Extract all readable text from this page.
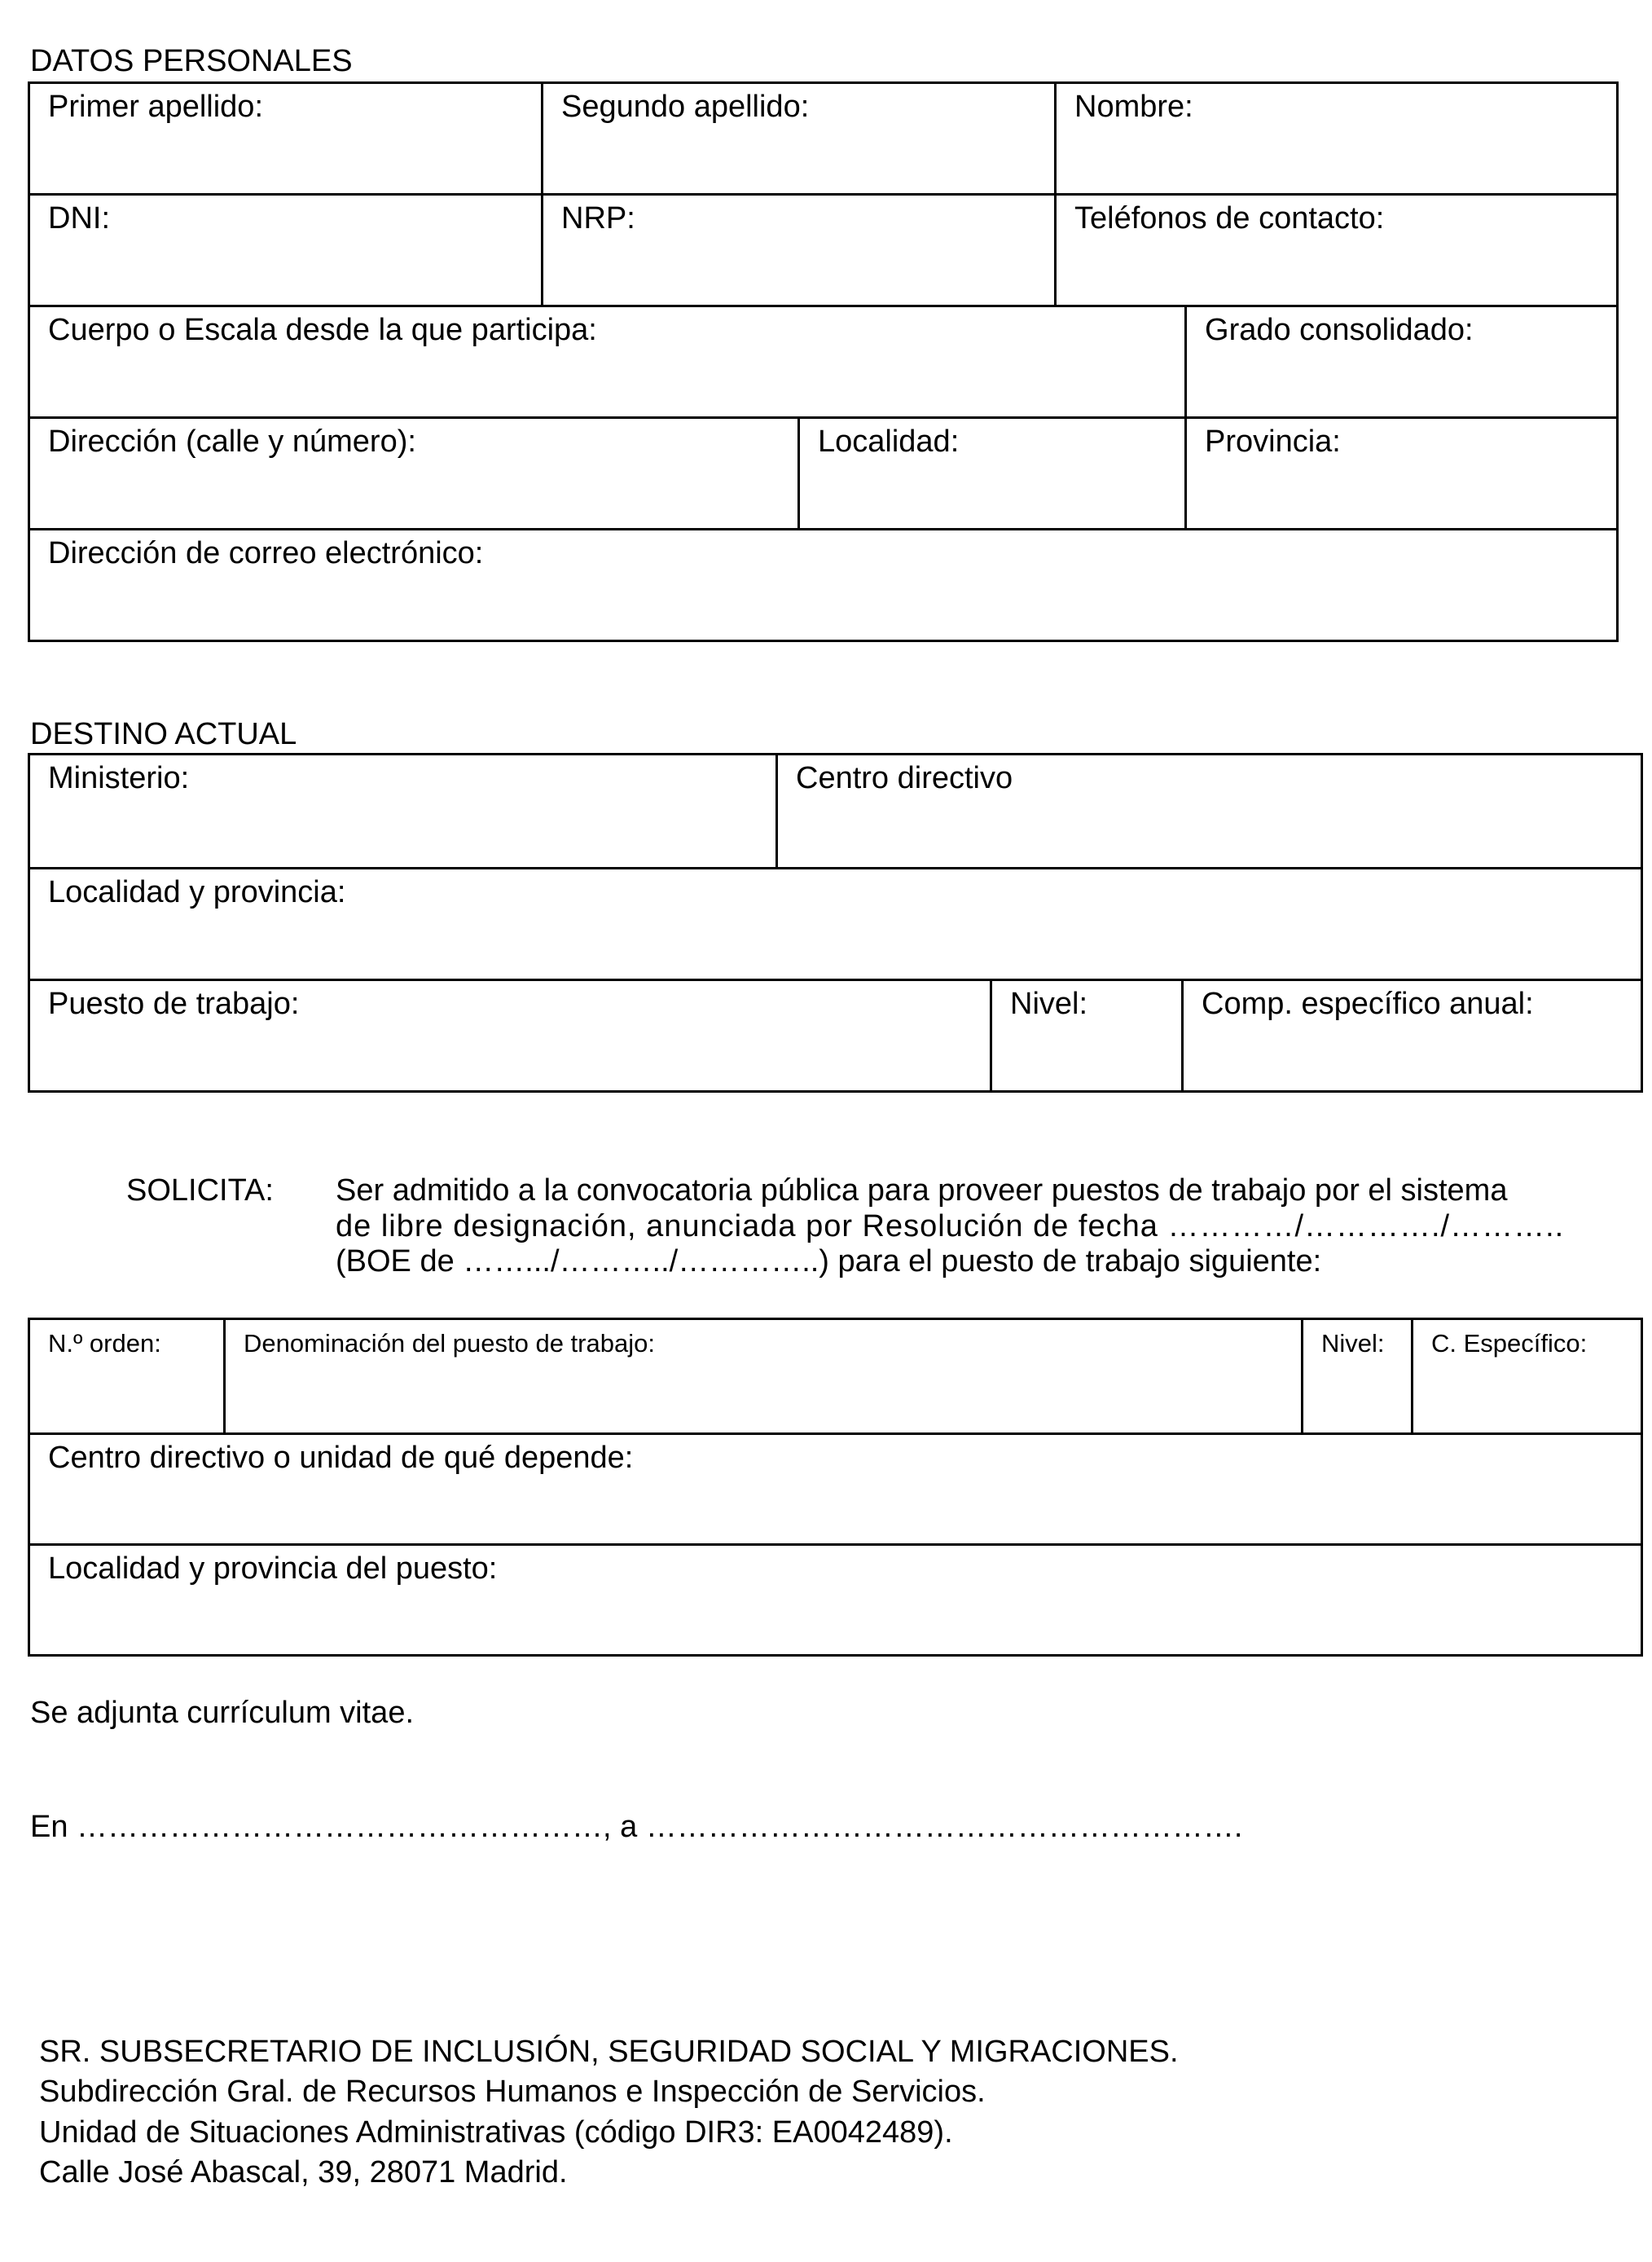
DATOS PERSONALES
Primer apellido:	Segundo apellido:		Nombre:	
DNI:	NRP:		Teléfonos de contacto:	
Cuerpo o Escala desde la que participa:				Grado consolidado:
Dirección (calle y número):		Localidad:		Provincia:
Dirección de correo electrónico:				
DESTINO ACTUAL
Ministerio:	Centro directivo		
Localidad y provincia:			
Puesto de trabajo:		Nivel:	Comp. específico anual:
SOLICITA: Ser admitido a la convocatoria pública para proveer puestos de trabajo por el sistema
de libre designación, anunciada por Resolución de fecha …………/…………./………..
(BOE de …….../………../…………..) para el puesto de trabajo siguiente:
N.º orden:	Denominación del puesto de trabajo:	Nivel:	C. Específico:
Centro directivo o unidad de qué depende:
Localidad y provincia del puesto:
Se adjunta currículum vitae.
En ……………………………………………, a ………………………………………………….
SR. SUBSECRETARIO DE INCLUSIÓN, SEGURIDAD SOCIAL Y MIGRACIONES.
Subdirección Gral. de Recursos Humanos e Inspección de Servicios.
Unidad de Situaciones Administrativas (código DIR3: EA0042489).
Calle José Abascal, 39, 28071 Madrid.
